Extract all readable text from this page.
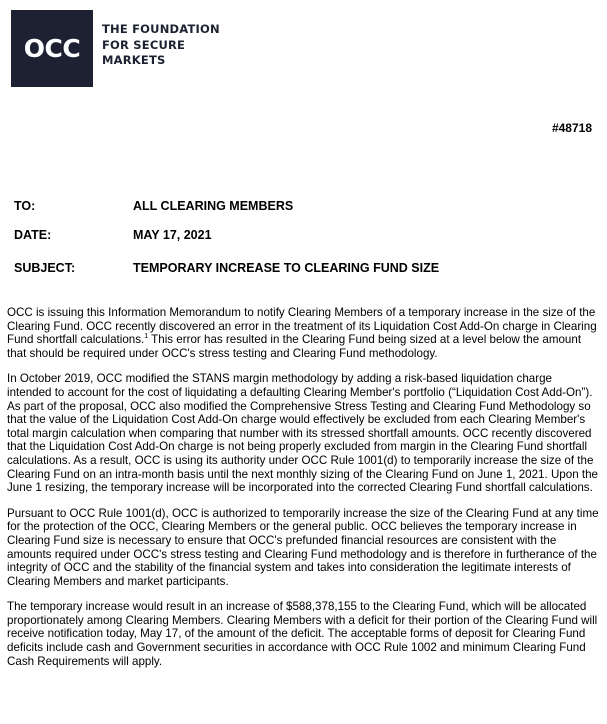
OCC

THE FOUNDATION
FOR SECURE
MARKETS

#48718
TO:	ALL CLEARING MEMBERS
DATE:	MAY 17, 2021
SUBJECT:	TEMPORARY INCREASE TO CLEARING FUND SIZE

OCC is issuing this Information Memorandum to notify Clearing Members of a temporary increase in the size of the Clearing Fund. OCC recently discovered an error in the treatment of its Liquidation Cost Add-On charge in Clearing Fund shortfall calculations.$^1$ This error has resulted in the Clearing Fund being sized at a level below the amount that should be required under OCC's stress testing and Clearing Fund methodology.

In October 2019, OCC modified the STANS margin methodology by adding a risk-based liquidation charge intended to account for the cost of liquidating a defaulting Clearing Member's portfolio (“Liquidation Cost Add-On”). As part of the proposal, OCC also modified the Comprehensive Stress Testing and Clearing Fund Methodology so that the value of the Liquidation Cost Add-On charge would effectively be excluded from each Clearing Member's total margin calculation when comparing that number with its stressed shortfall amounts. OCC recently discovered that the Liquidation Cost Add-On charge is not being properly excluded from margin in the Clearing Fund shortfall calculations. As a result, OCC is using its authority under OCC Rule 1001(d) to temporarily increase the size of the Clearing Fund on an intra-month basis until the next monthly sizing of the Clearing Fund on June 1, 2021. Upon the June 1 resizing, the temporary increase will be incorporated into the corrected Clearing Fund shortfall calculations.

Pursuant to OCC Rule 1001(d), OCC is authorized to temporarily increase the size of the Clearing Fund at any time for the protection of the OCC, Clearing Members or the general public. OCC believes the temporary increase in Clearing Fund size is necessary to ensure that OCC's prefunded financial resources are consistent with the amounts required under OCC's stress testing and Clearing Fund methodology and is therefore in furtherance of the integrity of OCC and the stability of the financial system and takes into consideration the legitimate interests of Clearing Members and market participants.

The temporary increase would result in an increase of $588,378,155 to the Clearing Fund, which will be allocated proportionately among Clearing Members. Clearing Members with a deficit for their portion of the Clearing Fund will receive notification today, May 17, of the amount of the deficit. The acceptable forms of deposit for Clearing Fund deficits include cash and Government securities in accordance with OCC Rule 1002 and minimum Clearing Fund Cash Requirements will apply.
